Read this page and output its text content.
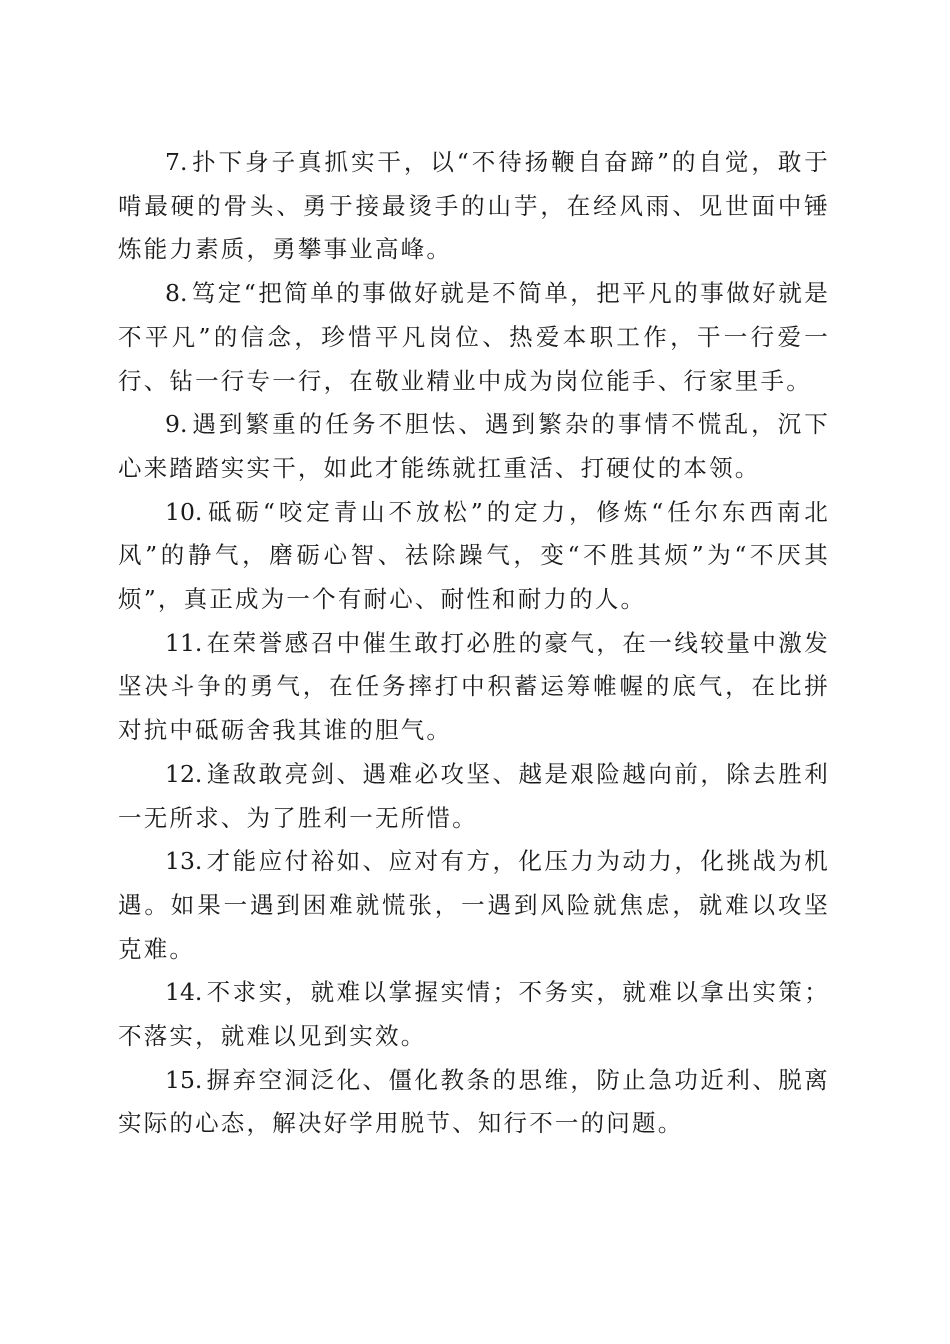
7. 扑下身子真抓实干，以“不待扬鞭自奋蹄”的自觉，敢于啃最硬的骨头、勇于接最烫手的山芋，在经风雨、见世面中锤炼能力素质，勇攀事业高峰。

8. 笃定“把简单的事做好就是不简单，把平凡的事做好就是不平凡”的信念，珍惜平凡岗位、热爱本职工作，干一行爱一行、钻一行专一行，在敬业精业中成为岗位能手、行家里手。

9. 遇到繁重的任务不胆怯、遇到繁杂的事情不慌乱，沉下心来踏踏实实干，如此才能练就扛重活、打硬仗的本领。

10. 砥砺“咬定青山不放松”的定力，修炼“任尔东西南北风”的静气，磨砺心智、祛除躁气，变“不胜其烦”为“不厌其烦”，真正成为一个有耐心、耐性和耐力的人。

11. 在荣誉感召中催生敢打必胜的豪气，在一线较量中激发坚决斗争的勇气，在任务摔打中积蓄运筹帷幄的底气，在比拼对抗中砥砺舍我其谁的胆气。

12. 逢敌敢亮剑、遇难必攻坚、越是艰险越向前，除去胜利一无所求、为了胜利一无所惜。

13. 才能应付裕如、应对有方，化压力为动力，化挑战为机遇。如果一遇到困难就慌张，一遇到风险就焦虑，就难以攻坚克难。

14. 不求实，就难以掌握实情；不务实，就难以拿出实策；不落实，就难以见到实效。

15. 摒弃空洞泛化、僵化教条的思维，防止急功近利、脱离实际的心态，解决好学用脱节、知行不一的问题。
